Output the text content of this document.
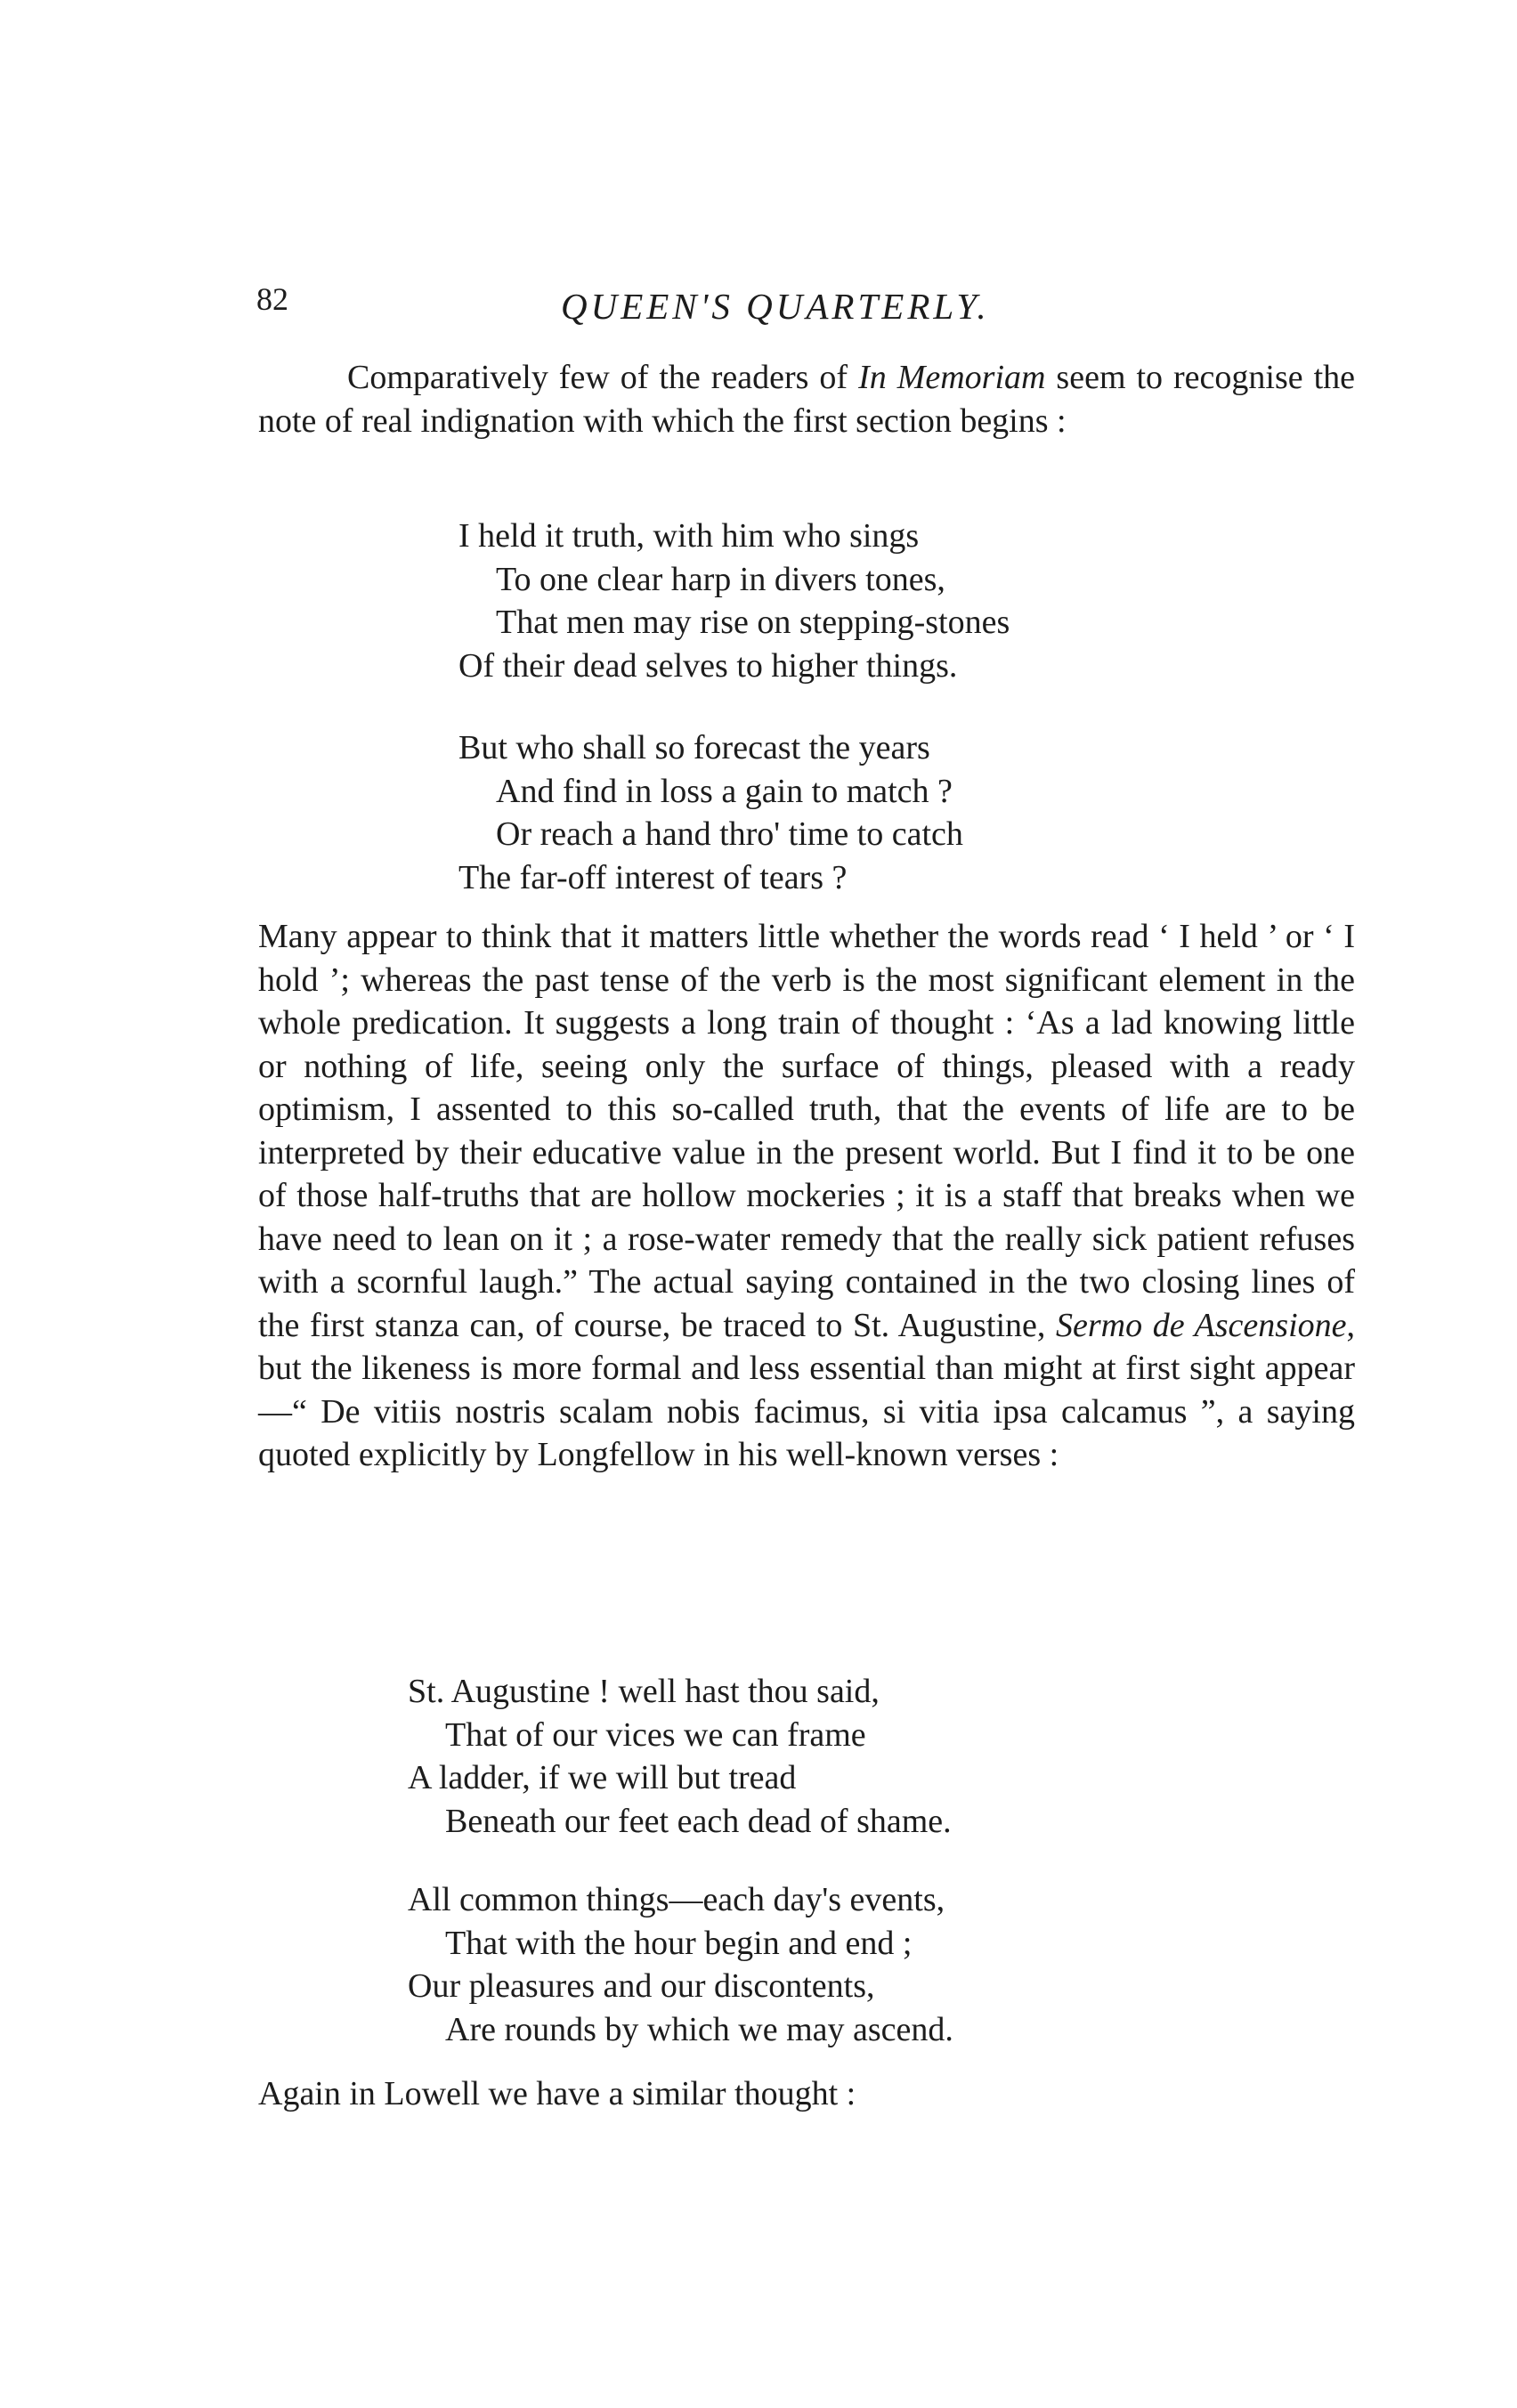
82	QUEEN'S QUARTERLY.

Comparatively few of the readers of In Memoriam seem to recognise the note of real indignation with which the first section begins :

I held it truth, with him who sings
To one clear harp in divers tones,
That men may rise on stepping-stones
Of their dead selves to higher things.
But who shall so forecast the years
And find in loss a gain to match ?
Or reach a hand thro' time to catch
The far-off interest of tears ?

Many appear to think that it matters little whether the words read ‘ I held ’ or ‘ I hold ’; whereas the past tense of the verb is the most significant element in the whole predication. It suggests a long train of thought : ‘As a lad knowing little or nothing of life, seeing only the surface of things, pleased with a ready optimism, I assented to this so-called truth, that the events of life are to be interpreted by their educative value in the present world. But I find it to be one of those half-truths that are hollow mockeries ; it is a staff that breaks when we have need to lean on it ; a rose-water remedy that the really sick patient refuses with a scornful laugh.” The actual saying contained in the two closing lines of the first stanza can, of course, be traced to St. Augustine, Sermo de Ascensione, but the likeness is more formal and less essential than might at first sight appear—“ De vitiis nostris scalam nobis facimus, si vitia ipsa calcamus ”, a saying quoted explicitly by Longfellow in his well-known verses :

St. Augustine ! well hast thou said,
That of our vices we can frame
A ladder, if we will but tread
Beneath our feet each dead of shame.
All common things—each day's events,
That with the hour begin and end ;
Our pleasures and our discontents,
Are rounds by which we may ascend.

Again in Lowell we have a similar thought :
